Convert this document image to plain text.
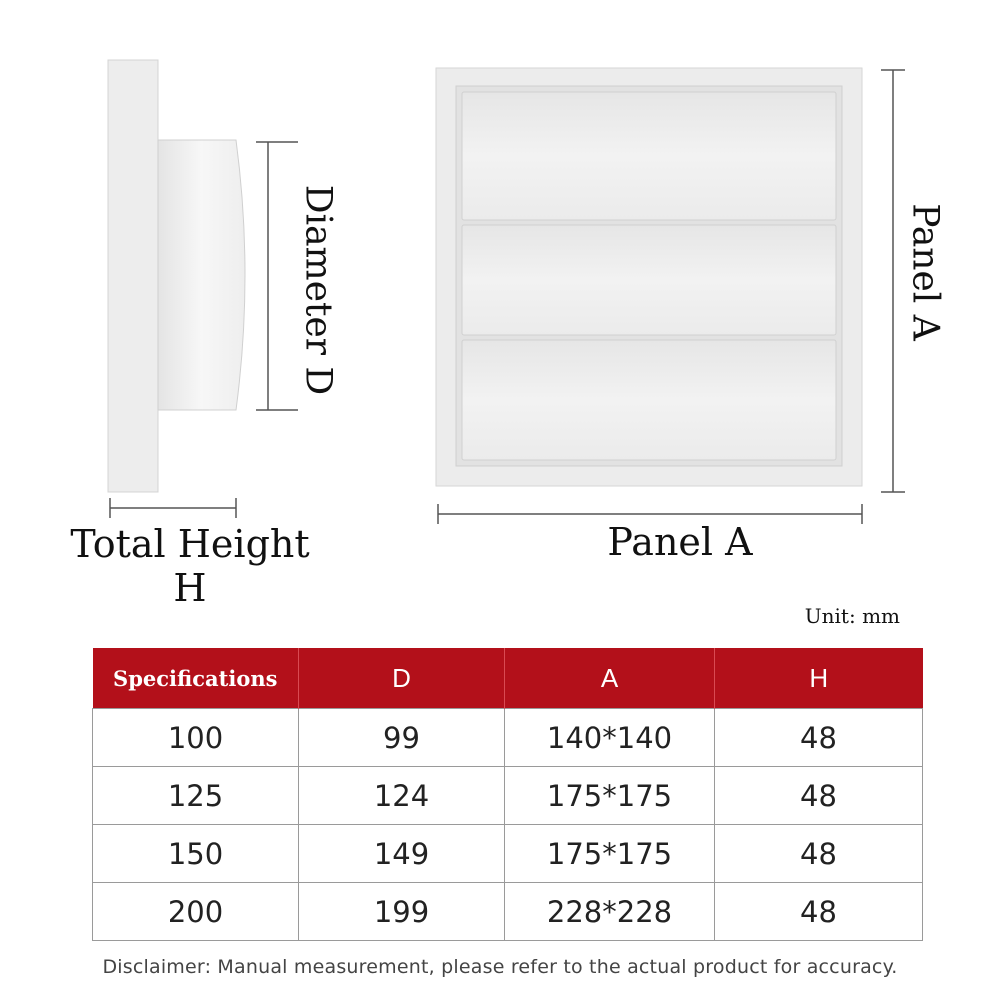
Diameter D	Panel A
Total Height
H
Panel A
Unit: mm
Specifications	D	A	H
100	99	140*140	48
125	124	175*175	48
150	149	175*175	48
200	199	228*228	48
Disclaimer: Manual measurement, please refer to the actual product for accuracy.
